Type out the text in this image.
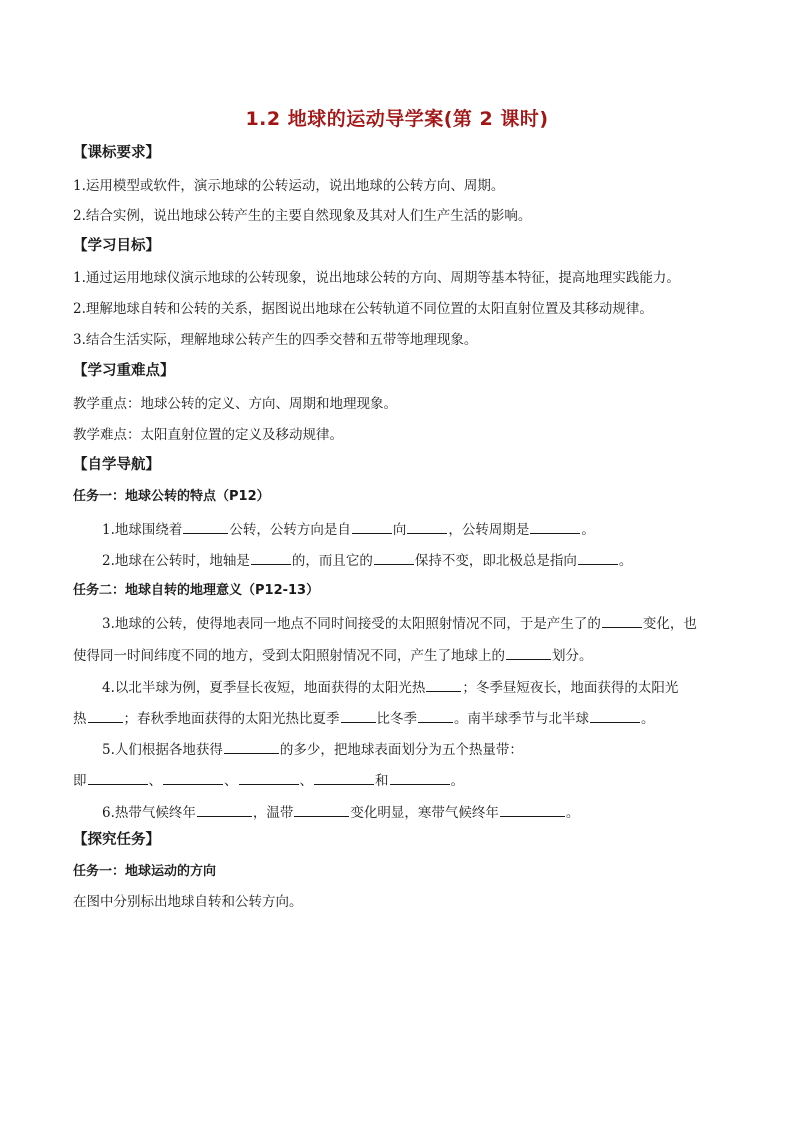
1.2 地球的运动导学案(第 2 课时)
【课标要求】
1.运用模型或软件，演示地球的公转运动，说出地球的公转方向、周期。
2.结合实例，说出地球公转产生的主要自然现象及其对人们生产生活的影响。
【学习目标】
1.通过运用地球仪演示地球的公转现象，说出地球公转的方向、周期等基本特征，提高地理实践能力。
2.理解地球自转和公转的关系，据图说出地球在公转轨道不同位置的太阳直射位置及其移动规律。
3.结合生活实际，理解地球公转产生的四季交替和五带等地理现象。
【学习重难点】
教学重点：地球公转的定义、方向、周期和地理现象。
教学难点：太阳直射位置的定义及移动规律。
【自学导航】
任务一：地球公转的特点（P12）
1.地球围绕着	公转，公转方向是自	向	，公转周期是	。
2.地球在公转时，地轴是	的，而且它的	保持不变，即北极总是指向	。
任务二：地球自转的地理意义（P12-13）
3.地球的公转，使得地表同一地点不同时间接受的太阳照射情况不同，于是产生了的	变化，也
使得同一时间纬度不同的地方，受到太阳照射情况不同，产生了地球上的	划分。
4.以北半球为例，夏季昼长夜短，地面获得的太阳光热	；冬季昼短夜长，地面获得的太阳光
热	；春秋季地面获得的太阳光热比夏季	比冬季	。南半球季节与北半球	。
5.人们根据各地获得	的多少，把地球表面划分为五个热量带：
即	、	、	、	和	。
6.热带气候终年	，温带	变化明显，寒带气候终年	。
【探究任务】
任务一：地球运动的方向
在图中分别标出地球自转和公转方向。
